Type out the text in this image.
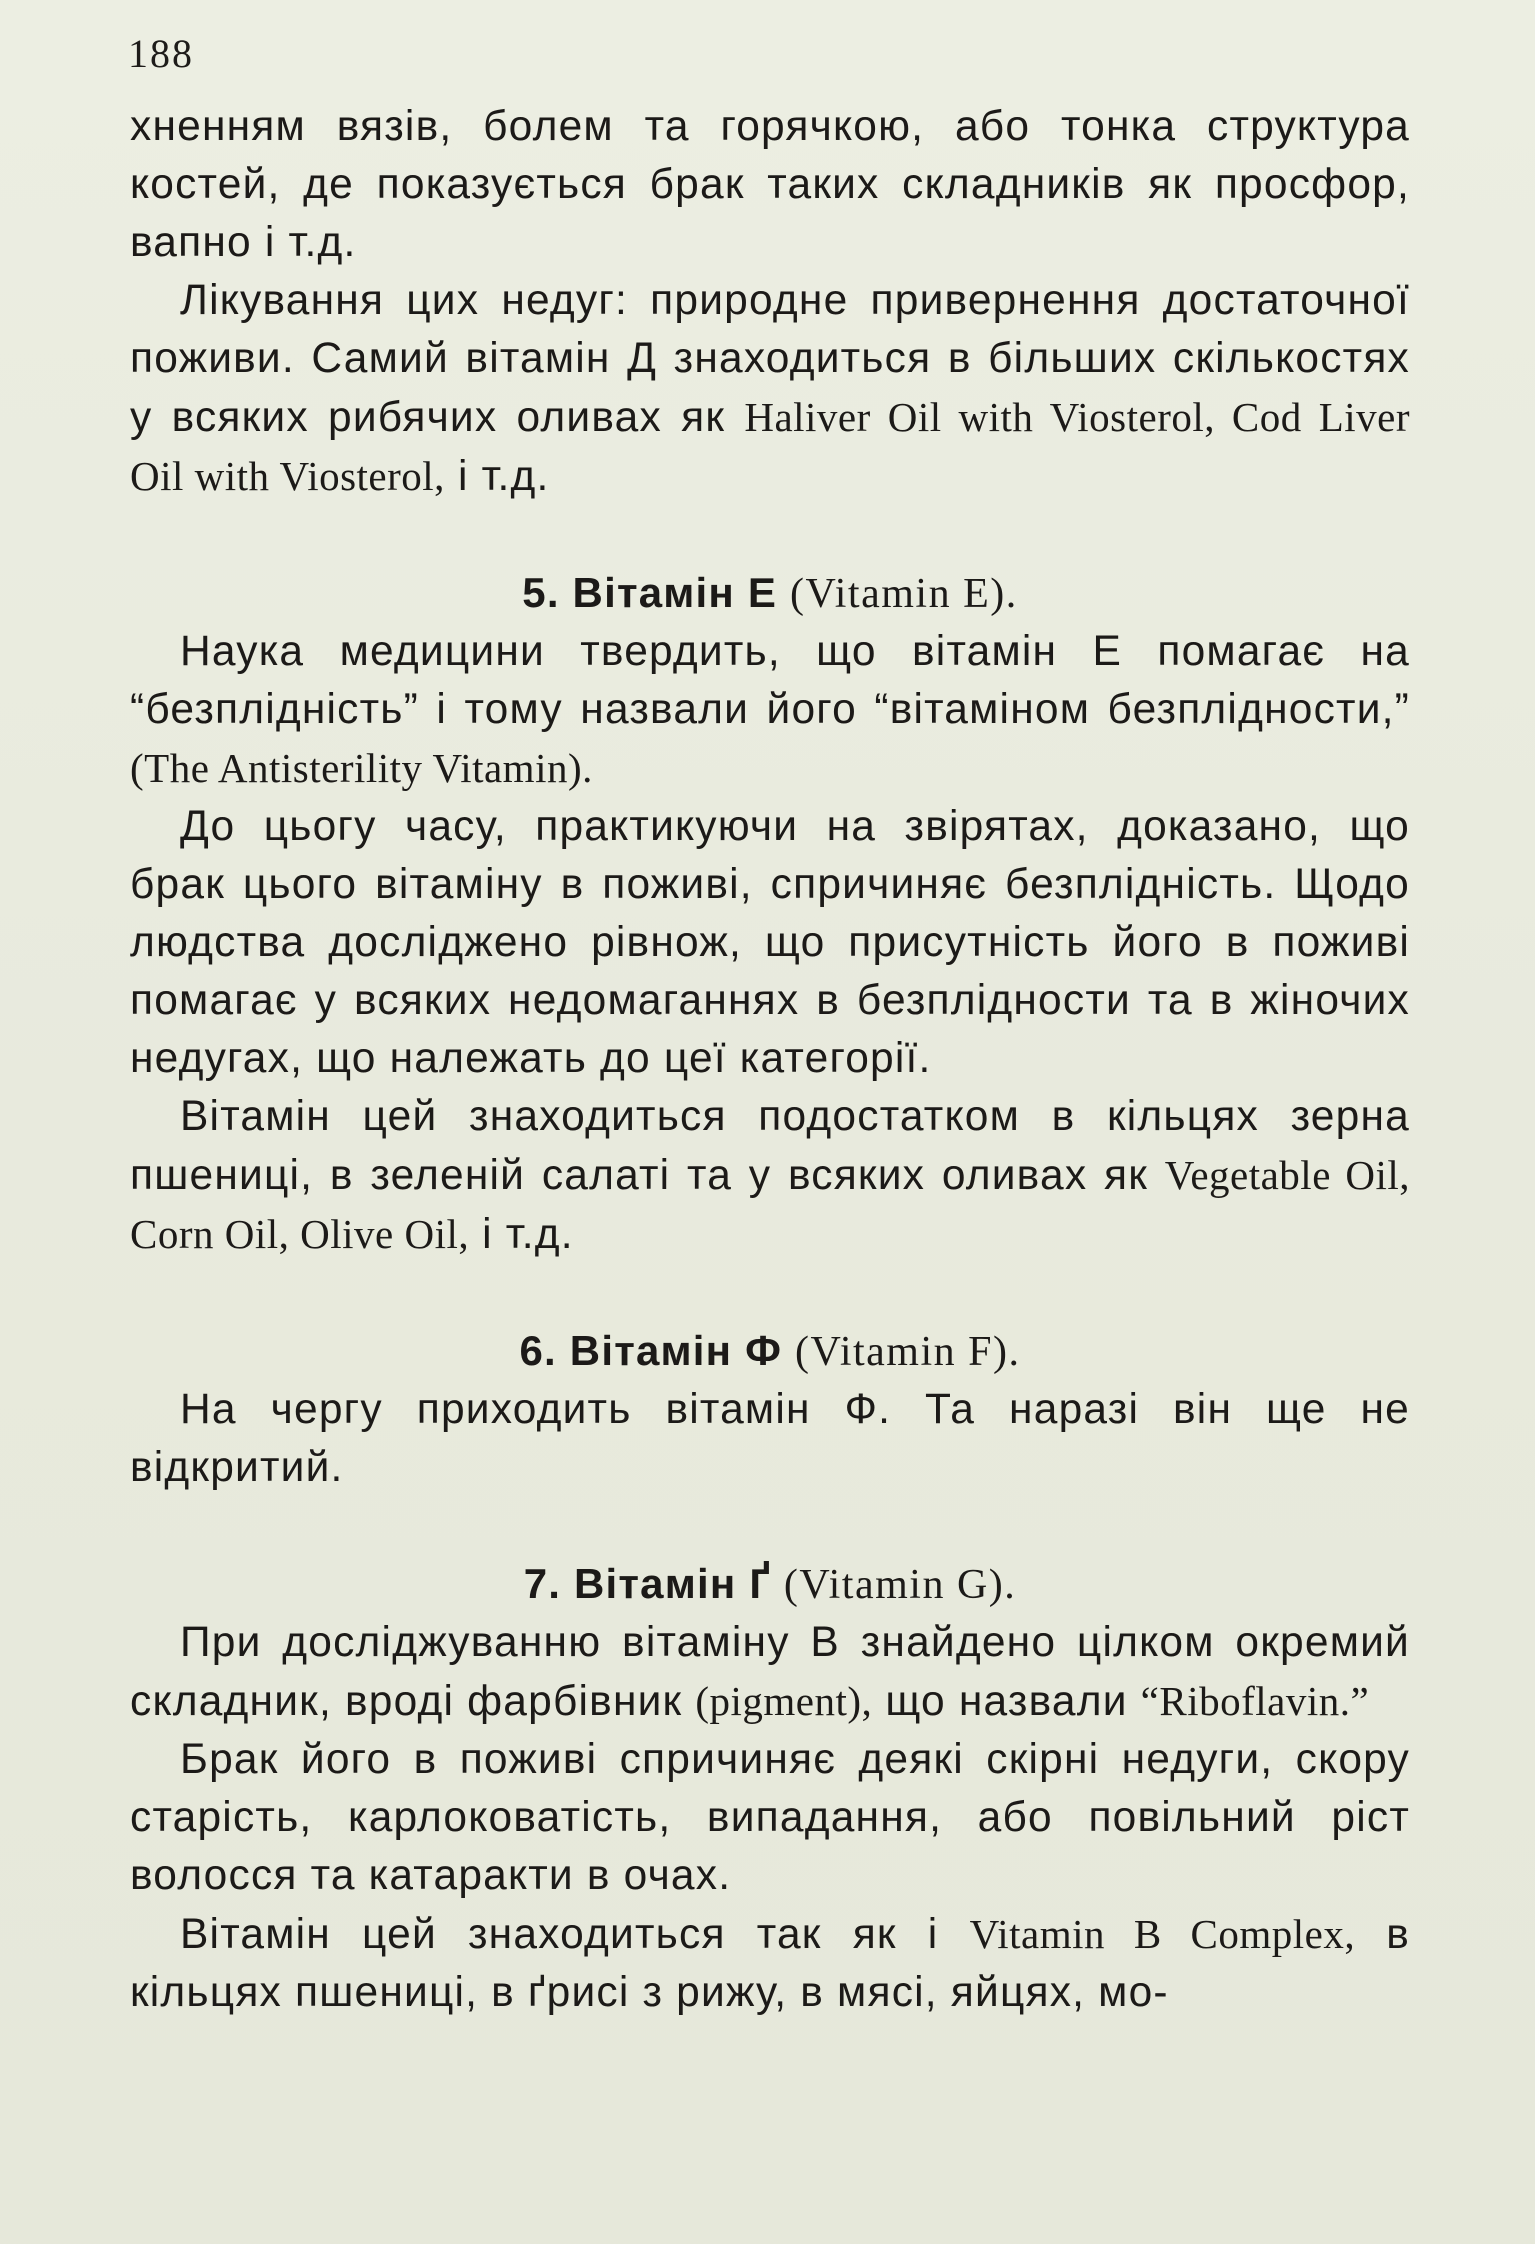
188

хненням вязів, болем та горячкою, або тонка структура костей, де показується брак таких складників як просфор, вапно і т.д.

Лікування цих недуг: природне привернення достаточної поживи. Самий вітамін Д знаходиться в більших скількостях у всяких рибячих оливах як Haliver Oil with Viosterol, Cod Liver Oil with Viosterol, і т.д.

5. Вітамін Е (Vitamin E).

Наука медицини твердить, що вітамін Е помагає на “безплідність” і тому назвали його “вітаміном безплідности,” (The Antisterility Vitamin).

До цьогу часу, практикуючи на звірятах, доказано, що брак цього вітаміну в поживі, спричиняє безплідність. Щодо людства досліджено рівнож, що присутність його в поживі помагає у всяких недомаганнях в безплідности та в жіночих недугах, що належать до цеї категорії.

Вітамін цей знаходиться подостатком в кільцях зерна пшениці, в зеленій салаті та у всяких оливах як Vegetable Oil, Corn Oil, Olive Oil, і т.д.

6. Вітамін Ф (Vitamin F).

На чергу приходить вітамін Ф. Та наразі він ще не відкритий.

7. Вітамін Ґ (Vitamin G).

При досліджуванню вітаміну В знайдено цілком окремий складник, вроді фарбівник (pigment), що назвали “Riboflavin.”

Брак його в поживі спричиняє деякі скірні недуги, скору старість, карлоковатість, випадання, або повільний ріст волосся та катаракти в очах.

Вітамін цей знаходиться так як і Vitamin B Complex, в кільцях пшениці, в ґрисі з рижу, в мясі, яйцях, мо-
